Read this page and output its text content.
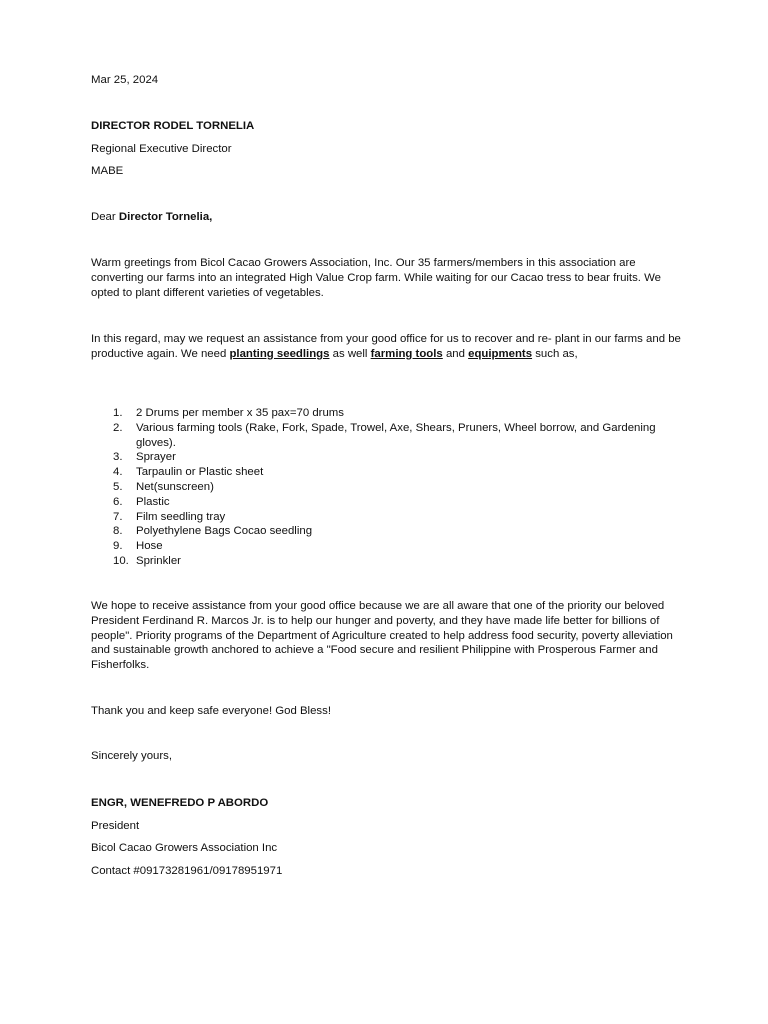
Mar 25, 2024

DIRECTOR RODEL TORNELIA

Regional Executive Director

MABE

Dear Director Tornelia,

Warm greetings from Bicol Cacao Growers Association, Inc. Our 35 farmers/members in this association are converting our farms into an integrated High Value Crop farm. While waiting for our Cacao tress to bear fruits. We opted to plant different varieties of vegetables.

In this regard, may we request an assistance from your good office for us to recover and re- plant in our farms and be productive again. We need planting seedlings as well farming tools and equipments such as,

1. 2 Drums per member x 35 pax=70 drums
2. Various farming tools (Rake, Fork, Spade, Trowel, Axe, Shears, Pruners, Wheel borrow, and Gardening gloves).
3. Sprayer
4. Tarpaulin or Plastic sheet
5. Net(sunscreen)
6. Plastic
7. Film seedling tray
8. Polyethylene Bags Cocao seedling
9. Hose
10. Sprinkler

We hope to receive assistance from your good office because we are all aware that one of the priority our beloved President Ferdinand R. Marcos Jr. is to help our hunger and poverty, and they have made life better for billions of people". Priority programs of the Department of Agriculture created to help address food security, poverty alleviation and sustainable growth anchored to achieve a "Food secure and resilient Philippine with Prosperous Farmer and Fisherfolks.

Thank you and keep safe everyone! God Bless!

Sincerely yours,

ENGR, WENEFREDO P ABORDO

President

Bicol Cacao Growers Association Inc

Contact #09173281961/09178951971
